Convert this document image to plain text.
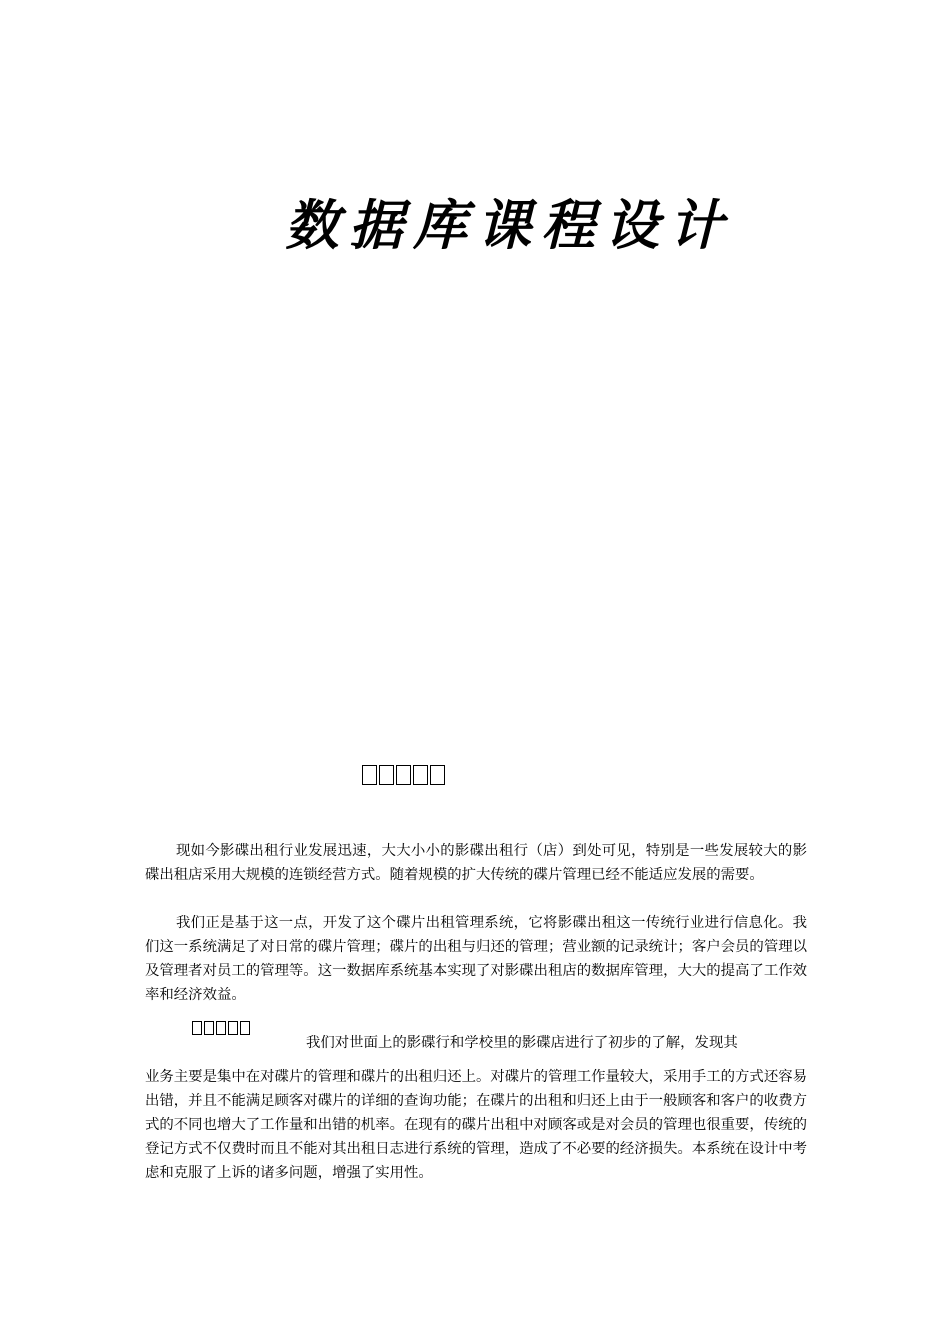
数据库课程设计

现如今影碟出租行业发展迅速，大大小小的影碟出租行（店）到处可见，特别是一些发展较大的影碟出租店采用大规模的连锁经营方式。随着规模的扩大传统的碟片管理已经不能适应发展的需要。

我们正是基于这一点，开发了这个碟片出租管理系统，它将影碟出租这一传统行业进行信息化。我们这一系统满足了对日常的碟片管理；碟片的出租与归还的管理；营业额的记录统计；客户会员的管理以及管理者对员工的管理等。这一数据库系统基本实现了对影碟出租店的数据库管理，大大的提高了工作效率和经济效益。

我们对世面上的影碟行和学校里的影碟店进行了初步的了解，发现其

业务主要是集中在对碟片的管理和碟片的出租归还上。对碟片的管理工作量较大，采用手工的方式还容易出错，并且不能满足顾客对碟片的详细的查询功能；在碟片的出租和归还上由于一般顾客和客户的收费方式的不同也增大了工作量和出错的机率。在现有的碟片出租中对顾客或是对会员的管理也很重要，传统的登记方式不仅费时而且不能对其出租日志进行系统的管理，造成了不必要的经济损失。本系统在设计中考虑和克服了上诉的诸多问题，增强了实用性。
